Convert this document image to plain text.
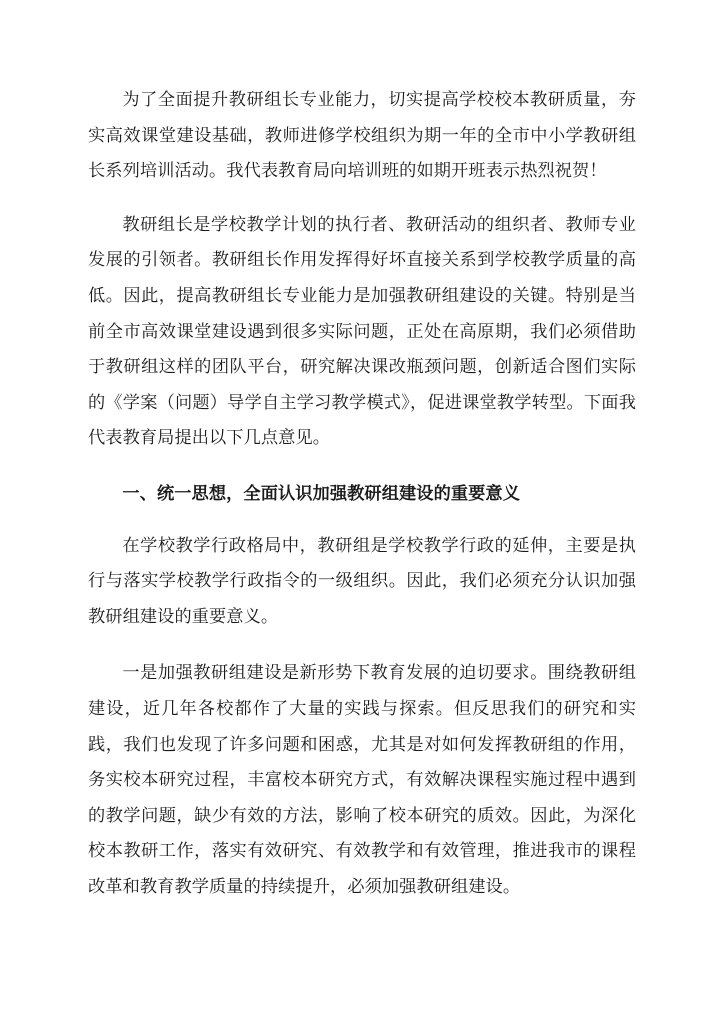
为了全面提升教研组长专业能力，切实提高学校校本教研质量，夯实高效课堂建设基础，教师进修学校组织为期一年的全市中小学教研组长系列培训活动。我代表教育局向培训班的如期开班表示热烈祝贺！

教研组长是学校教学计划的执行者、教研活动的组织者、教师专业发展的引领者。教研组长作用发挥得好坏直接关系到学校教学质量的高低。因此，提高教研组长专业能力是加强教研组建设的关键。特别是当前全市高效课堂建设遇到很多实际问题，正处在高原期，我们必须借助于教研组这样的团队平台，研究解决课改瓶颈问题，创新适合图们实际的《学案（问题）导学自主学习教学模式》，促进课堂教学转型。下面我代表教育局提出以下几点意见。

一、统一思想，全面认识加强教研组建设的重要意义

在学校教学行政格局中，教研组是学校教学行政的延伸，主要是执行与落实学校教学行政指令的一级组织。因此，我们必须充分认识加强教研组建设的重要意义。

一是加强教研组建设是新形势下教育发展的迫切要求。围绕教研组建设，近几年各校都作了大量的实践与探索。但反思我们的研究和实践，我们也发现了许多问题和困惑，尤其是对如何发挥教研组的作用，务实校本研究过程，丰富校本研究方式，有效解决课程实施过程中遇到的教学问题，缺少有效的方法，影响了校本研究的质效。因此，为深化校本教研工作，落实有效研究、有效教学和有效管理，推进我市的课程改革和教育教学质量的持续提升，必须加强教研组建设。
